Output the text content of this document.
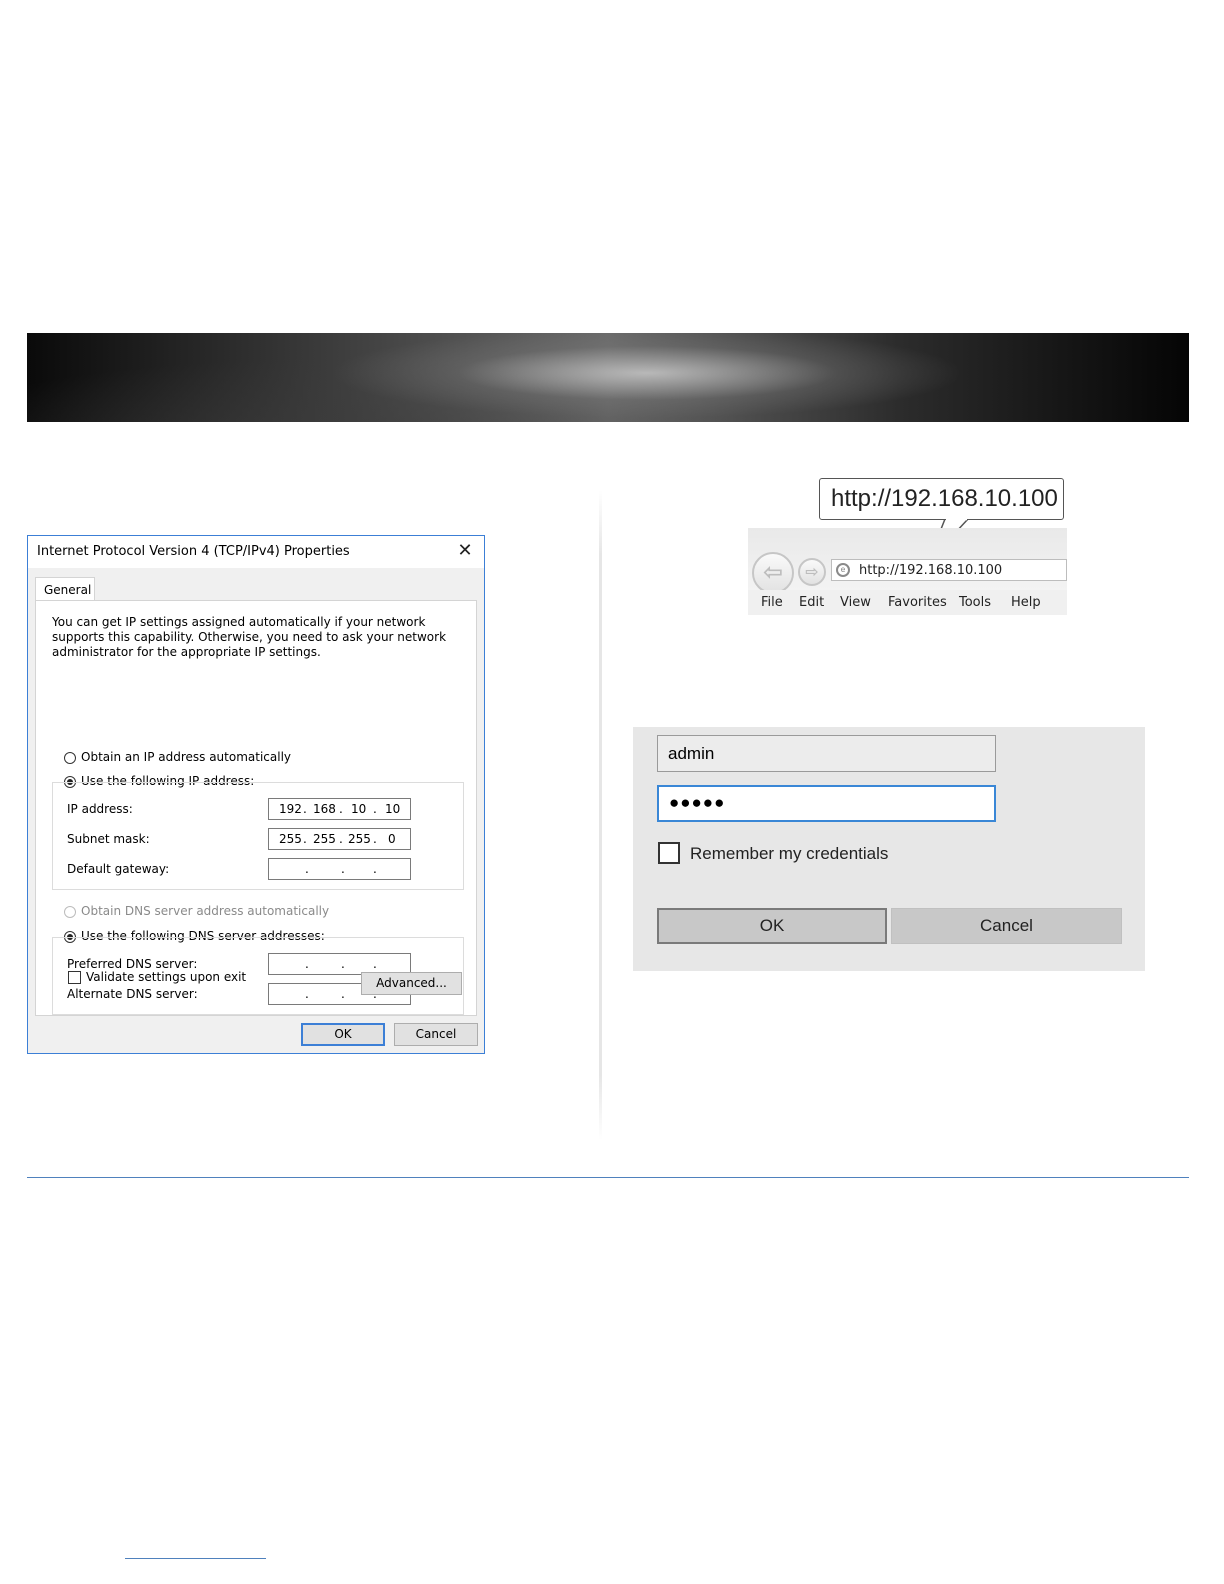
Internet Protocol Version 4 (TCP/IPv4) Properties	✕
General
You can get IP settings assigned automatically if your network supports this capability. Otherwise, you need to ask your network administrator for the appropriate IP settings.
Obtain an IP address automatically
Use the following IP address:
IP address:	192 . 168 . 10 . 10
Subnet mask:	255 . 255 . 255 . 0
Default gateway:	.	. .
Obtain DNS server address automatically
Use the following DNS server addresses:
Preferred DNS server:	.	. .
Alternate DNS server:	.	.
Validate settings upon exit	Advanced...
OK	Cancel
http://192.168.10.100
⇦	⇨	e	http://192.168.10.100
File Edit View Favorites Tools Help
admin
●●●●●
Remember my credentials
OK	Cancel
